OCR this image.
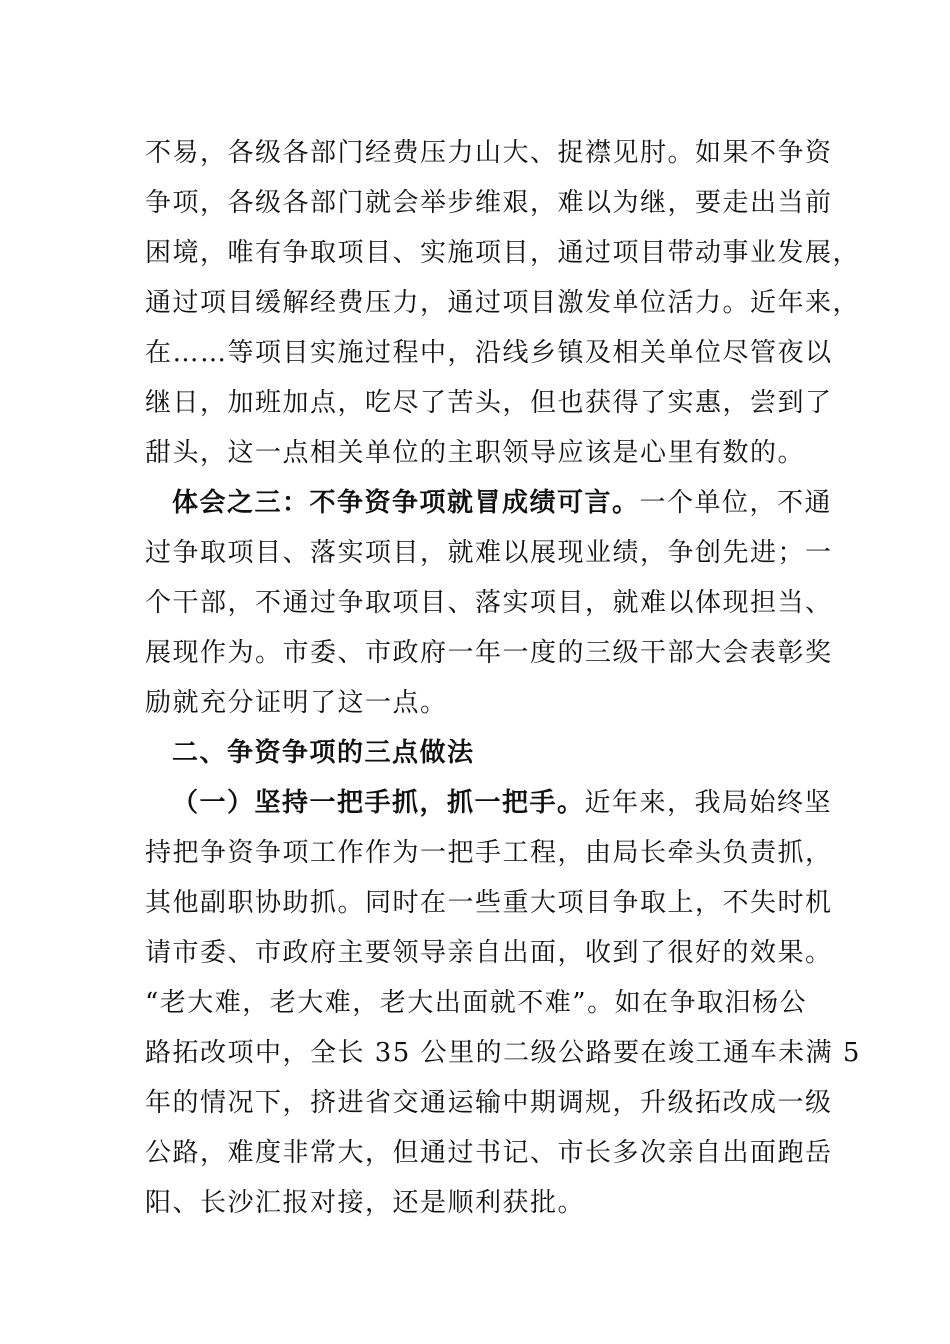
不易，各级各部门经费压力山大、捉襟见肘。如果不争资
争项，各级各部门就会举步维艰，难以为继，要走出当前
困境，唯有争取项目、实施项目，通过项目带动事业发展，
通过项目缓解经费压力，通过项目激发单位活力。近年来，
在……等项目实施过程中，沿线乡镇及相关单位尽管夜以
继日，加班加点，吃尽了苦头，但也获得了实惠，尝到了
甜头，这一点相关单位的主职领导应该是心里有数的。
体会之三：不争资争项就冒成绩可言。一个单位，不通
过争取项目、落实项目，就难以展现业绩，争创先进；一
个干部，不通过争取项目、落实项目，就难以体现担当、
展现作为。市委、市政府一年一度的三级干部大会表彰奖
励就充分证明了这一点。
二、争资争项的三点做法
（一）坚持一把手抓，抓一把手。近年来，我局始终坚
持把争资争项工作作为一把手工程，由局长牵头负责抓，
其他副职协助抓。同时在一些重大项目争取上，不失时机
请市委、市政府主要领导亲自出面，收到了很好的效果。
“老大难，老大难，老大出面就不难”。如在争取汨杨公
路拓改项中，全长 35 公里的二级公路要在竣工通车未满 5
年的情况下，挤进省交通运输中期调规，升级拓改成一级
公路，难度非常大，但通过书记、市长多次亲自出面跑岳
阳、长沙汇报对接，还是顺利获批。
